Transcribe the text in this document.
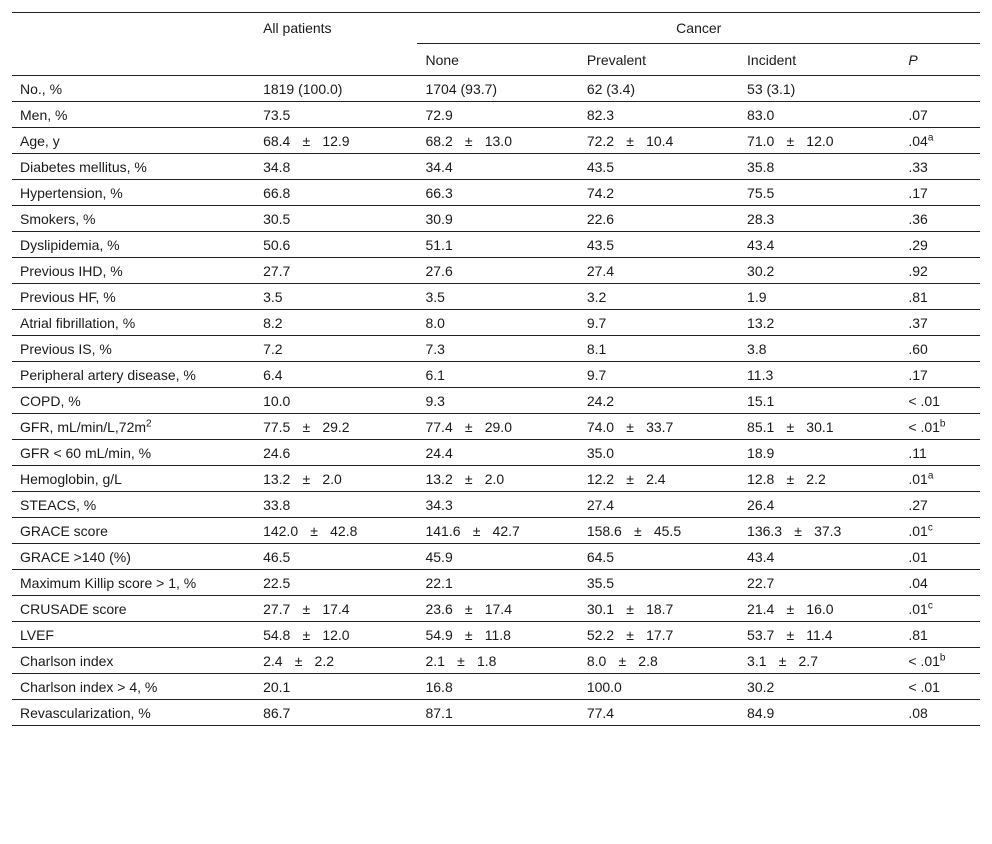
	All patients	Cancer			
		None	Prevalent	Incident	P
No., %	1819 (100.0)	1704 (93.7)	62 (3.4)	53 (3.1)	
Men, %	73.5	72.9	82.3	83.0	.07
Age, y	68.4 ± 12.9	68.2 ± 13.0	72.2 ± 10.4	71.0 ± 12.0	.04$^a$
Diabetes mellitus, %	34.8	34.4	43.5	35.8	.33
Hypertension, %	66.8	66.3	74.2	75.5	.17
Smokers, %	30.5	30.9	22.6	28.3	.36
Dyslipidemia, %	50.6	51.1	43.5	43.4	.29
Previous IHD, %	27.7	27.6	27.4	30.2	.92
Previous HF, %	3.5	3.5	3.2	1.9	.81
Atrial fibrillation, %	8.2	8.0	9.7	13.2	.37
Previous IS, %	7.2	7.3	8.1	3.8	.60
Peripheral artery disease, %	6.4	6.1	9.7	11.3	.17
COPD, %	10.0	9.3	24.2	15.1	< .01
GFR, $mL/\min/L,72m^2$	77.5 ± 29.2	77.4 ± 29.0	74.0 ± 33.7	85.1 ± 30.1	< .01$^b$
GFR < 60 mL/min, %	24.6	24.4	35.0	18.9	.11
Hemoglobin, g/L	13.2 ± 2.0	13.2 ± 2.0	12.2 ± 2.4	12.8 ± 2.2	.01$^a$
STEACS, %	33.8	34.3	27.4	26.4	.27
GRACE score	142.0 ± 42.8	141.6 ± 42.7	158.6 ± 45.5	136.3 ± 37.3	.01$^c$
GRACE >140 (%)	46.5	45.9	64.5	43.4	.01
Maximum Killip score > 1, %	22.5	22.1	35.5	22.7	.04
CRUSADE score	27.7 ± 17.4	23.6 ± 17.4	30.1 ± 18.7	21.4 ± 16.0	.01$^c$
LVEF	54.8 ± 12.0	54.9 ± 11.8	52.2 ± 17.7	53.7 ± 11.4	.81
Charlson index	2.4 ± 2.2	2.1 ± 1.8	8.0 ± 2.8	3.1 ± 2.7	< .01$^b$
Charlson index > 4, %	20.1	16.8	100.0	30.2	< .01
Revascularization, %	86.7	87.1	77.4	84.9	.08
